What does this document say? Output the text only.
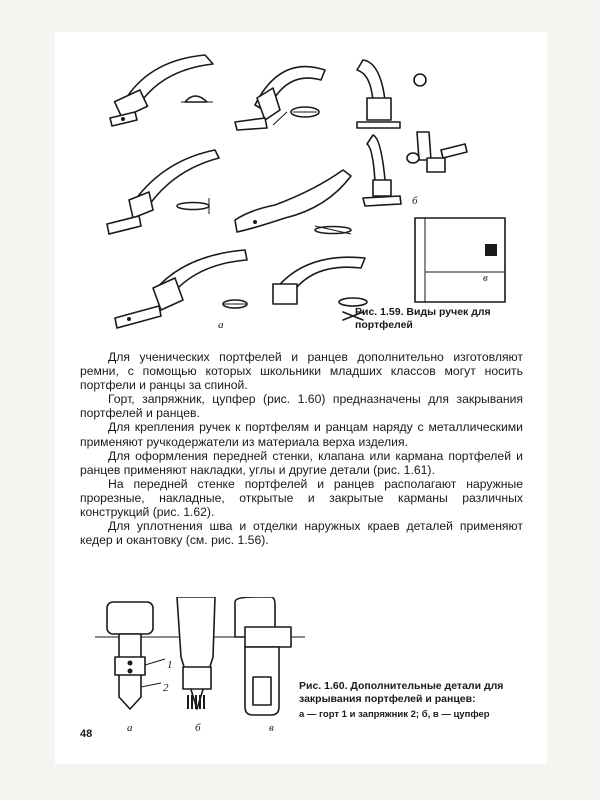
а
б
в
Рис. 1.59. Виды ручек для портфелей

Для ученических портфелей и ранцев дополнительно изготовляют ремни, с помощью которых школьники младших классов могут носить портфели и ранцы за спиной.

Горт, запряжник, цупфер (рис. 1.60) предназначены для закрывания портфелей и ранцев.

Для крепления ручек к портфелям и ранцам наряду с металлическими применяют ручкодержатели из материала верха изделия.

Для оформления передней стенки, клапана или кармана портфелей и ранцев применяют накладки, углы и другие детали (рис. 1.61).

На передней стенке портфелей и ранцев располагают наружные прорезные, накладные, открытые и закрытые карманы различных конструкций (рис. 1.62).

Для уплотнения шва и отделки наружных краев деталей применяют кедер и окантовку (см. рис. 1.56).

а	б	в
1
2	Рис. 1.60. Дополнительные детали для закрывания портфелей и ранцев:
а — горт 1 и запряжник 2; б, в — цупфер
48
